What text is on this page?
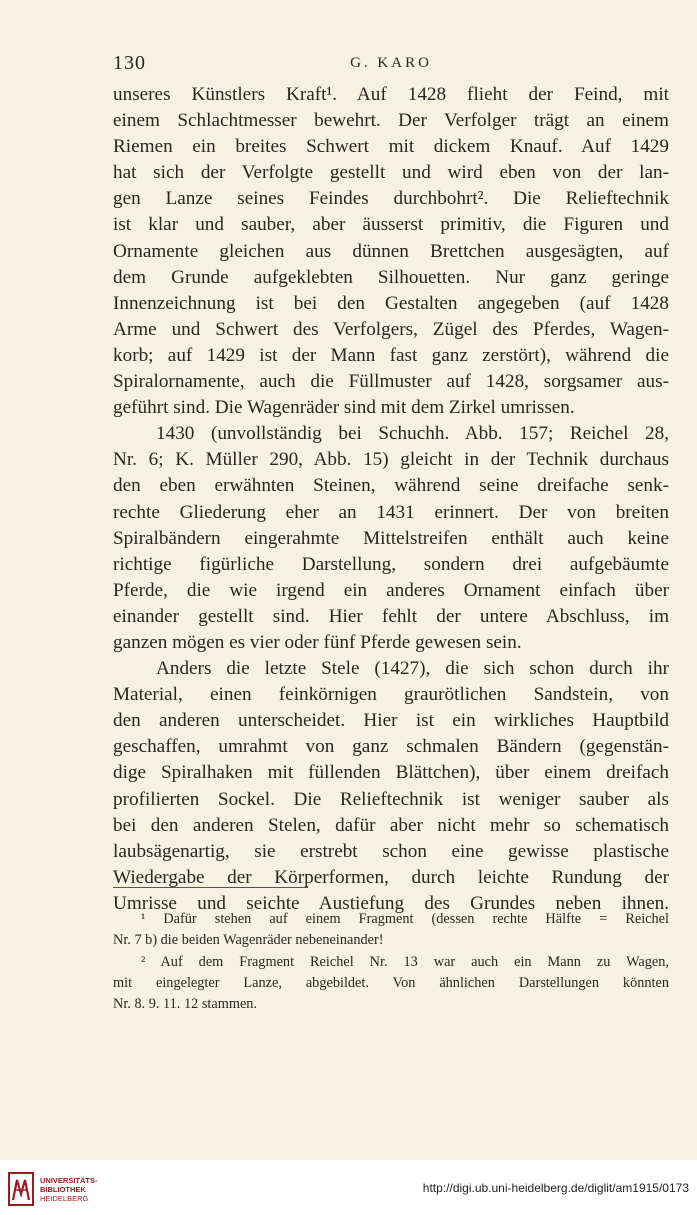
130	G. KARO
unseres Künstlers Kraft¹. Auf 1428 flieht der Feind, mit
einem Schlachtmesser bewehrt. Der Verfolger trägt an einem
Riemen ein breites Schwert mit dickem Knauf. Auf 1429
hat sich der Verfolgte gestellt und wird eben von der lan-
gen Lanze seines Feindes durchbohrt². Die Relieftechnik
ist klar und sauber, aber äusserst primitiv, die Figuren und
Ornamente gleichen aus dünnen Brettchen ausgesägten, auf
dem Grunde aufgeklebten Silhouetten. Nur ganz geringe
Innenzeichnung ist bei den Gestalten angegeben (auf 1428
Arme und Schwert des Verfolgers, Zügel des Pferdes, Wagen-
korb; auf 1429 ist der Mann fast ganz zerstört), während die
Spiralornamente, auch die Füllmuster auf 1428, sorgsamer aus-
geführt sind. Die Wagenräder sind mit dem Zirkel umrissen.
1430 (unvollständig bei Schuchh. Abb. 157; Reichel 28,
Nr. 6; K. Müller 290, Abb. 15) gleicht in der Technik durchaus
den eben erwähnten Steinen, während seine dreifache senk-
rechte Gliederung eher an 1431 erinnert. Der von breiten
Spiralbändern eingerahmte Mittelstreifen enthält auch keine
richtige figürliche Darstellung, sondern drei aufgebäumte
Pferde, die wie irgend ein anderes Ornament einfach über
einander gestellt sind. Hier fehlt der untere Abschluss, im
ganzen mögen es vier oder fünf Pferde gewesen sein.
Anders die letzte Stele (1427), die sich schon durch ihr
Material, einen feinkörnigen graurötlichen Sandstein, von
den anderen unterscheidet. Hier ist ein wirkliches Hauptbild
geschaffen, umrahmt von ganz schmalen Bändern (gegenstän-
dige Spiralhaken mit füllenden Blättchen), über einem dreifach
profilierten Sockel. Die Relieftechnik ist weniger sauber als
bei den anderen Stelen, dafür aber nicht mehr so schematisch
laubsägenartig, sie erstrebt schon eine gewisse plastische
Wiedergabe der Körperformen, durch leichte Rundung der
Umrisse und seichte Austiefung des Grundes neben ihnen.
¹ Dafür stehen auf einem Fragment (dessen rechte Hälfte = Reichel
Nr. 7 b) die beiden Wagenräder nebeneinander!
² Auf dem Fragment Reichel Nr. 13 war auch ein Mann zu Wagen,
mit eingelegter Lanze, abgebildet. Von ähnlichen Darstellungen könnten
Nr. 8. 9. 11. 12 stammen.
UNIVERSITÄTS-
BIBLIOTHEK
HEIDELBERG
http://digi.ub.uni-heidelberg.de/diglit/am1915/0173
